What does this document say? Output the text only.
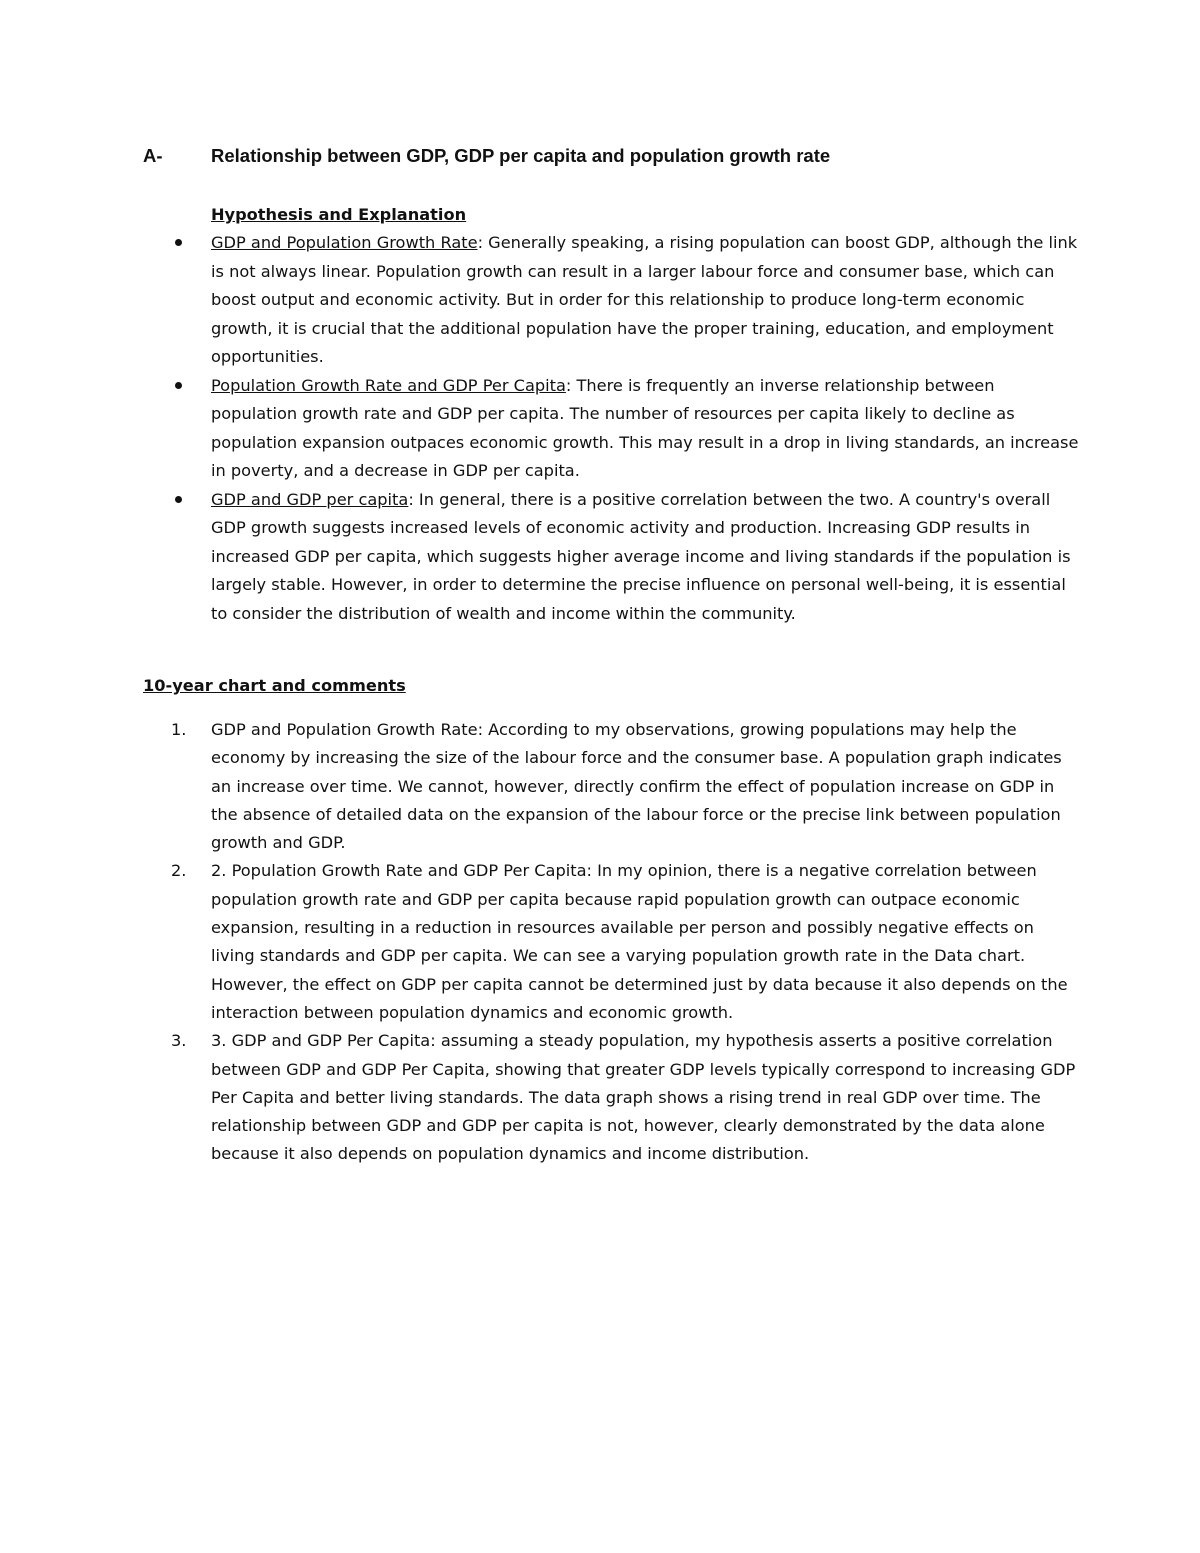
A-	Relationship between GDP, GDP per capita and population growth rate
Hypothesis and Explanation
GDP and Population Growth Rate: Generally speaking, a rising population can boost GDP, although the link is not always linear. Population growth can result in a larger labour force and consumer base, which can boost output and economic activity. But in order for this relationship to produce long-term economic growth, it is crucial that the additional population have the proper training, education, and employment opportunities.
Population Growth Rate and GDP Per Capita: There is frequently an inverse relationship between population growth rate and GDP per capita. The number of resources per capita likely to decline as population expansion outpaces economic growth. This may result in a drop in living standards, an increase in poverty, and a decrease in GDP per capita.
GDP and GDP per capita: In general, there is a positive correlation between the two. A country's overall GDP growth suggests increased levels of economic activity and production. Increasing GDP results in increased GDP per capita, which suggests higher average income and living standards if the population is largely stable. However, in order to determine the precise influence on personal well-being, it is essential to consider the distribution of wealth and income within the community.
10-year chart and comments
1. GDP and Population Growth Rate: According to my observations, growing populations may help the economy by increasing the size of the labour force and the consumer base. A population graph indicates an increase over time. We cannot, however, directly confirm the effect of population increase on GDP in the absence of detailed data on the expansion of the labour force or the precise link between population growth and GDP.
2. 2. Population Growth Rate and GDP Per Capita: In my opinion, there is a negative correlation between population growth rate and GDP per capita because rapid population growth can outpace economic expansion, resulting in a reduction in resources available per person and possibly negative effects on living standards and GDP per capita. We can see a varying population growth rate in the Data chart. However, the effect on GDP per capita cannot be determined just by data because it also depends on the interaction between population dynamics and economic growth.
3. 3. GDP and GDP Per Capita: assuming a steady population, my hypothesis asserts a positive correlation between GDP and GDP Per Capita, showing that greater GDP levels typically correspond to increasing GDP Per Capita and better living standards. The data graph shows a rising trend in real GDP over time. The relationship between GDP and GDP per capita is not, however, clearly demonstrated by the data alone because it also depends on population dynamics and income distribution.
